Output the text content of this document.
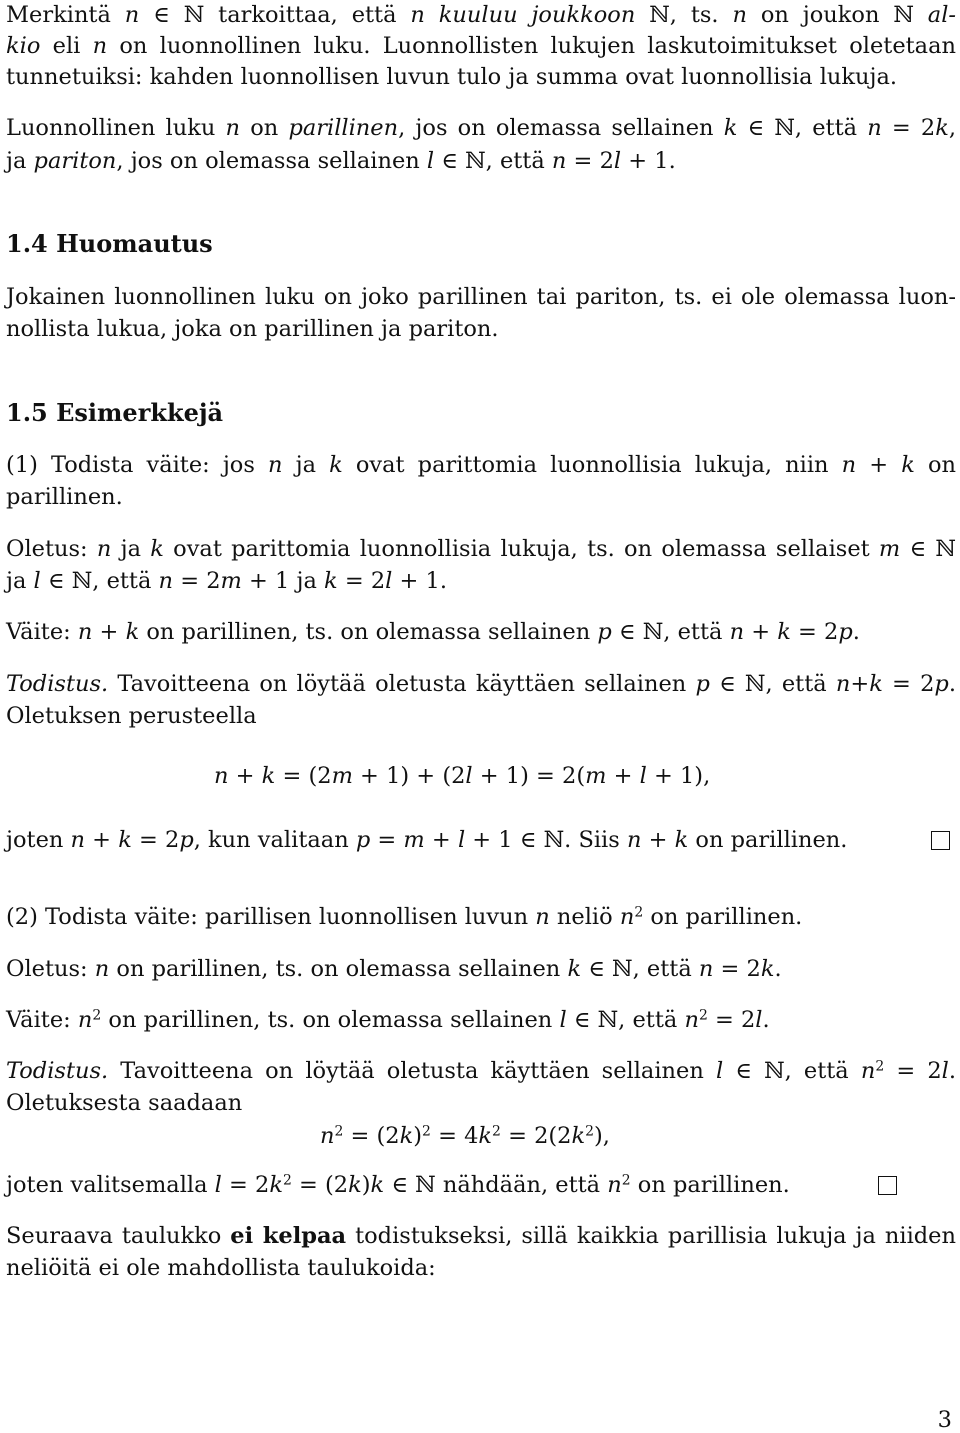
Merkintä n ∈ ℕ tarkoittaa, että n kuuluu joukkoon ℕ, ts. n on joukon ℕ al-
kio eli n on luonnollinen luku. Luonnollisten lukujen laskutoimitukset oletetaan
tunnetuiksi: kahden luonnollisen luvun tulo ja summa ovat luonnollisia lukuja.
Luonnollinen luku n on parillinen, jos on olemassa sellainen k ∈ ℕ, että n = 2k,
ja pariton, jos on olemassa sellainen l ∈ ℕ, että n = 2l + 1.
1.4 Huomautus
Jokainen luonnollinen luku on joko parillinen tai pariton, ts. ei ole olemassa luon-
nollista lukua, joka on parillinen ja pariton.
1.5 Esimerkkejä
(1) Todista väite: jos n ja k ovat parittomia luonnollisia lukuja, niin n + k on
parillinen.
Oletus: n ja k ovat parittomia luonnollisia lukuja, ts. on olemassa sellaiset m ∈ ℕ
ja l ∈ ℕ, että n = 2m + 1 ja k = 2l + 1.
Väite: n + k on parillinen, ts. on olemassa sellainen p ∈ ℕ, että n + k = 2p.
Todistus. Tavoitteena on löytää oletusta käyttäen sellainen p ∈ ℕ, että n+k = 2p.
Oletuksen perusteella
n + k = (2m + 1) + (2l + 1) = 2(m + l + 1),
joten n + k = 2p, kun valitaan p = m + l + 1 ∈ ℕ. Siis n + k on parillinen.
(2) Todista väite: parillisen luonnollisen luvun n neliö $n^2$ on parillinen.
Oletus: n on parillinen, ts. on olemassa sellainen k ∈ ℕ, että n = 2k.
Väite: $n^2$ on parillinen, ts. on olemassa sellainen l ∈ ℕ, että $n^2 = 2l$.
Todistus. Tavoitteena on löytää oletusta käyttäen sellainen l ∈ ℕ, että $n^2 = 2l$.
Oletuksesta saadaan
$n^2 = (2k)^2 = 4k^2 = 2(2k^2)$,
joten valitsemalla $l = 2k^2 = (2k)k$ ∈ ℕ nähdään, että $n^2$ on parillinen.
Seuraava taulukko ei kelpaa todistukseksi, sillä kaikkia parillisia lukuja ja niiden
neliöitä ei ole mahdollista taulukoida:
3
